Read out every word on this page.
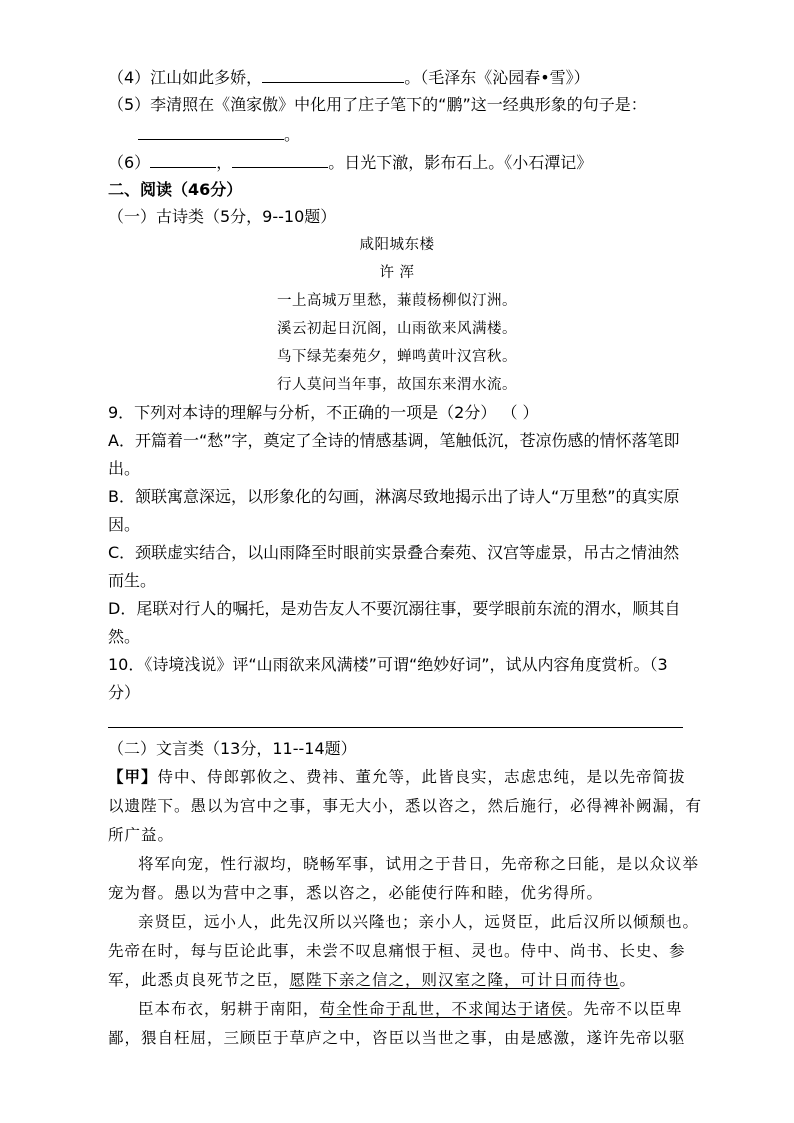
（4）江山如此多娇，	。（毛泽东《沁园春•雪》）
（5）李清照在《渔家傲》中化用了庄子笔下的“鹏”这一经典形象的句子是：
。
（6）	，	。日光下澈，影布石上。《小石潭记》
二、阅读（46分）
（一）古诗类（5分，9--10题）
咸阳城东楼
许 浑
一上高城万里愁，蒹葭杨柳似汀洲。
溪云初起日沉阁，山雨欲来风满楼。
鸟下绿芜秦苑夕，蝉鸣黄叶汉宫秋。
行人莫问当年事，故国东来渭水流。
9．下列对本诗的理解与分析，不正确的一项是（2分） （ ）
A．开篇着一“愁”字，奠定了全诗的情感基调，笔触低沉，苍凉伤感的情怀落笔即
出。
B．颔联寓意深远，以形象化的勾画，淋漓尽致地揭示出了诗人“万里愁”的真实原
因。
C．颈联虚实结合，以山雨降至时眼前实景叠合秦苑、汉宫等虚景，吊古之情油然
而生。
D．尾联对行人的嘱托，是劝告友人不要沉溺往事，要学眼前东流的渭水，顺其自
然。
10．《诗境浅说》评“山雨欲来风满楼”可谓“绝妙好词”，试从内容角度赏析。（3
分）
（二）文言类（13分，11--14题）
【甲】侍中、侍郎郭攸之、费祎、董允等，此皆良实，志虑忠纯，是以先帝简拔
以遗陛下。愚以为宫中之事，事无大小，悉以咨之，然后施行，必得裨补阙漏，有
所广益。
将军向宠，性行淑均，晓畅军事，试用之于昔日，先帝称之曰能，是以众议举
宠为督。愚以为营中之事，悉以咨之，必能使行阵和睦，优劣得所。
亲贤臣，远小人，此先汉所以兴隆也；亲小人，远贤臣，此后汉所以倾颓也。
先帝在时，每与臣论此事，未尝不叹息痛恨于桓、灵也。侍中、尚书、长史、参
军，此悉贞良死节之臣，愿陛下亲之信之，则汉室之隆，可计日而待也。
臣本布衣，躬耕于南阳，苟全性命于乱世，不求闻达于诸侯。先帝不以臣卑
鄙，猥自枉屈，三顾臣于草庐之中，咨臣以当世之事，由是感激，遂许先帝以驱
